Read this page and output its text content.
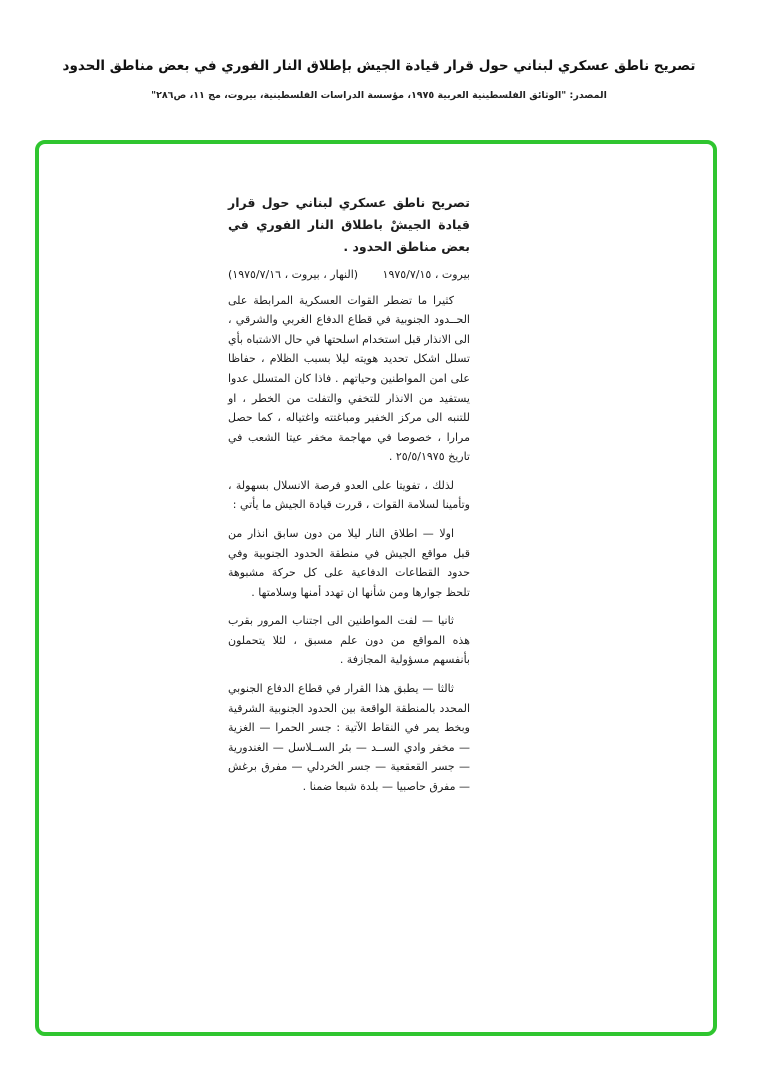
تصريح ناطق عسكري لبناني حول قرار قيادة الجيش بإطلاق النار الفوري في بعض مناطق الحدود
المصدر: "الوثائق الفلسطينية العربية ١٩٧٥، مؤسسة الدراسات الفلسطينية، بيروت، مج ١١، ص٢٨٦"
تصريح ناطق عسكري لبناني حول قرار قيادة الجيشْ باطلاق النار الفوري في بعض مناطق الحدود .
بيروت ، ١٩٧٥/٧/١٥
(النهار ، بيروت ، ١٩٧٥/٧/١٦)

كثيرا ما تضطر القوات العسكرية المرابطة على الحــدود الجنوبية في قطاع الدفاع الغربي والشرقي ، الى الانذار قبل استخدام اسلحتها في حال الاشتباه بأي تسلل اشكل تحديد هويته ليلا بسبب الظلام ، حفاظا على امن المواطنين وحياتهم . فاذا كان المتسلل عدوا يستفيد من الانذار للتخفي والتفلت من الخطر ، او للتنبه الى مركز الخفير ومباغتته واغتياله ، كما حصل مرارا ، خصوصا في مهاجمة مخفر عيتا الشعب في تاريخ ٢٥/٥/١٩٧٥ .

لذلك ، تفويتا على العدو فرصة الانسلال بسهولة ، وتأمينا لسلامة القوات ، قررت قيادة الجيش ما يأتي :

اولا — اطلاق النار ليلا من دون سابق انذار من قبل مواقع الجيش في منطقة الحدود الجنوبية وفي حدود القطاعات الدفاعية على كل حركة مشبوهة تلحظ جوارها ومن شأنها ان تهدد أمنها وسلامتها .

ثانيا — لفت المواطنين الى اجتناب المرور بقرب هذه المواقع من دون علم مسبق ، لئلا يتحملون بأنفسهم مسؤولية المجازفة .

ثالثا — يطبق هذا القرار في قطاع الدفاع الجنوبي المحدد بالمنطقة الواقعة بين الحدود الجنوبية الشرقية وبخط يمر في النقاط الآتية : جسر الحمرا — الغزية — مخفر وادي الســد — بئر الســلاسل — الغندورية — جسر القعقعية — جسر الخردلي — مفرق برغش — مفرق حاصبيا — بلدة شبعا ضمنا .
